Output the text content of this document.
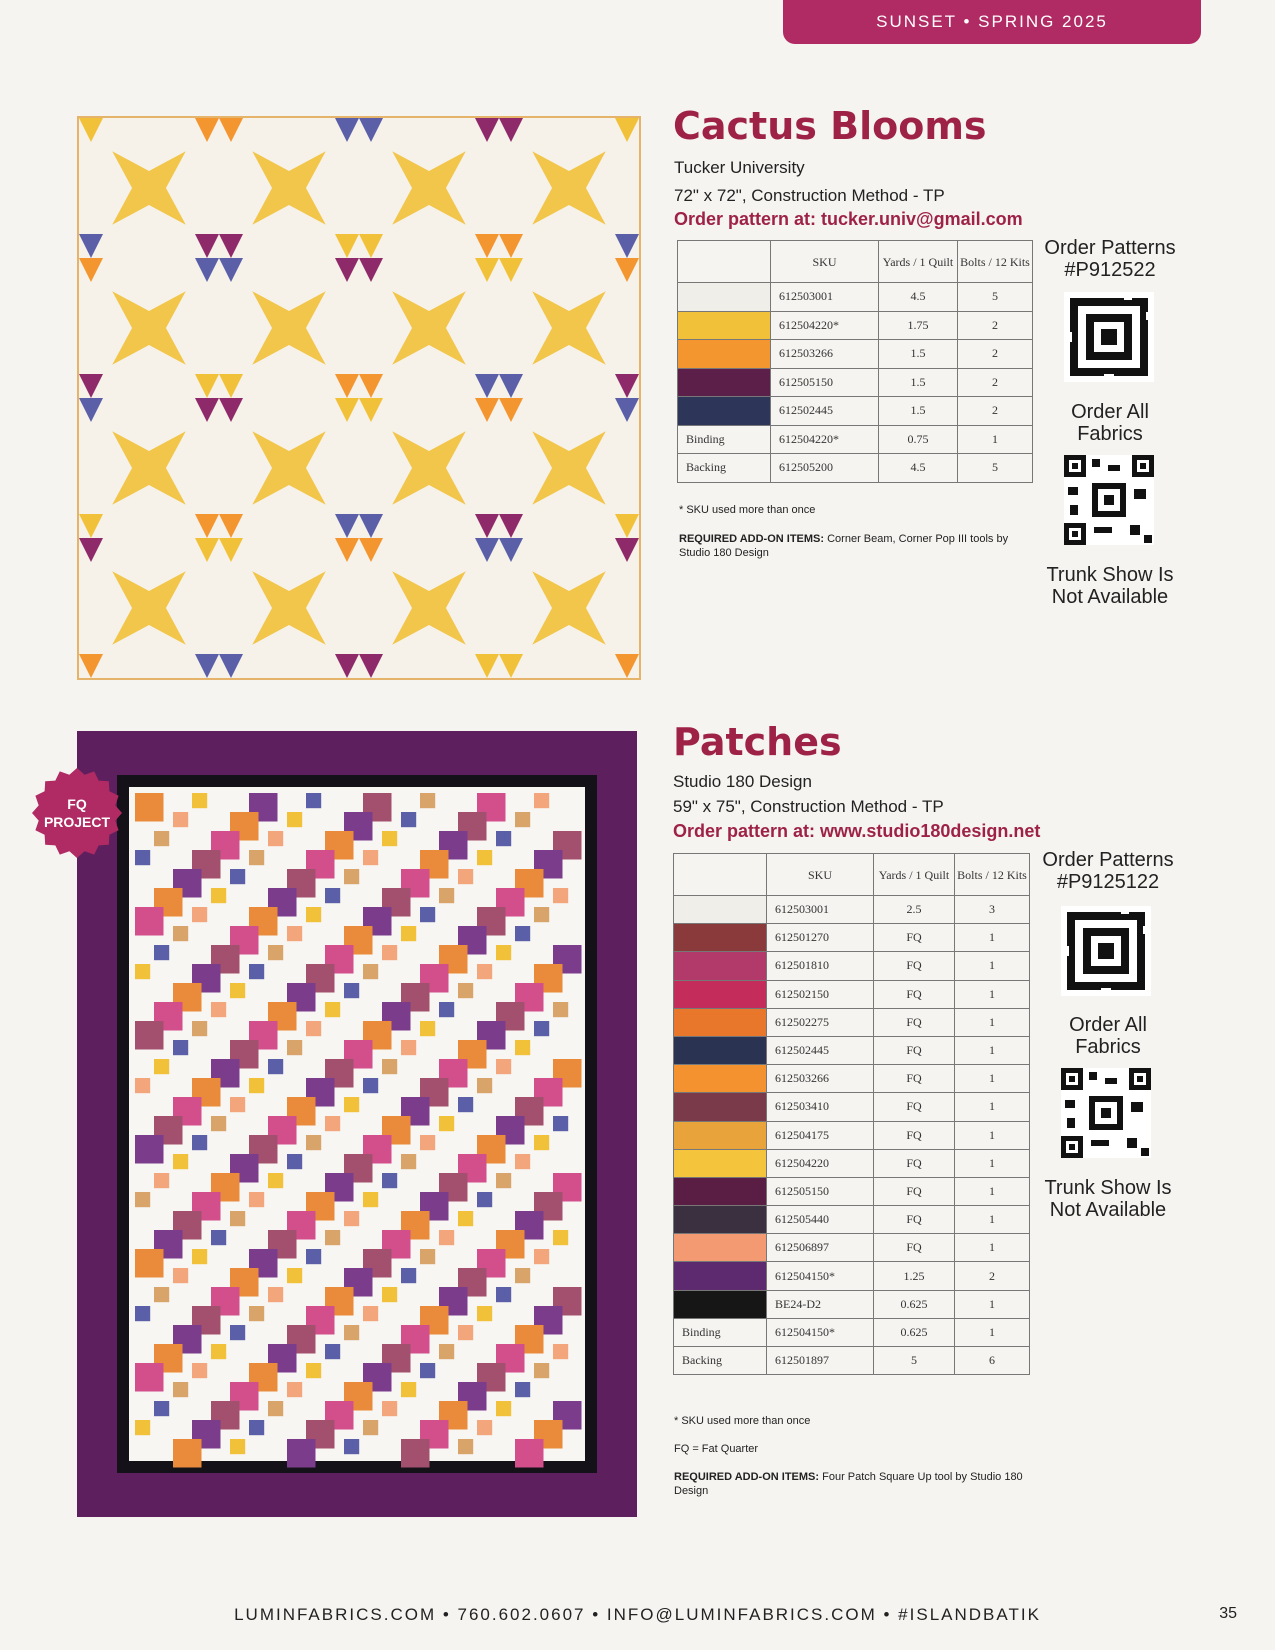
SUNSET • SPRING 2025
Cactus Blooms
Tucker University
72" x 72", Construction Method - TP
Order pattern at: tucker.univ@gmail.com
	SKU	Yards / 1 Quilt	Bolts / 12 Kits
	612503001	4.5	5
	612504220*	1.75	2
	612503266	1.5	2
	612505150	1.5	2
	612502445	1.5	2
Binding	612504220*	0.75	1
Backing	612505200	4.5	5
* SKU used more than once
REQUIRED ADD-ON ITEMS: Corner Beam, Corner Pop III tools by Studio 180 Design
Order Patterns
#P912522
Order All
Fabrics
Trunk Show Is
Not Available
FQ
PROJECT
Patches
Studio 180 Design
59" x 75", Construction Method - TP
Order pattern at: www.studio180design.net
	SKU	Yards / 1 Quilt	Bolts / 12 Kits
	612503001	2.5	3
	612501270	FQ	1
	612501810	FQ	1
	612502150	FQ	1
	612502275	FQ	1
	612502445	FQ	1
	612503266	FQ	1
	612503410	FQ	1
	612504175	FQ	1
	612504220	FQ	1
	612505150	FQ	1
	612505440	FQ	1
	612506897	FQ	1
	612504150*	1.25	2
	BE24-D2	0.625	1
Binding	612504150*	0.625	1
Backing	612501897	5	6
* SKU used more than once
FQ = Fat Quarter
REQUIRED ADD-ON ITEMS: Four Patch Square Up tool by Studio 180 Design
Order Patterns
#P9125122
Order All
Fabrics
Trunk Show Is
Not Available
LUMINFABRICS.COM • 760.602.0607 • INFO@LUMINFABRICS.COM • #ISLANDBATIK	35
